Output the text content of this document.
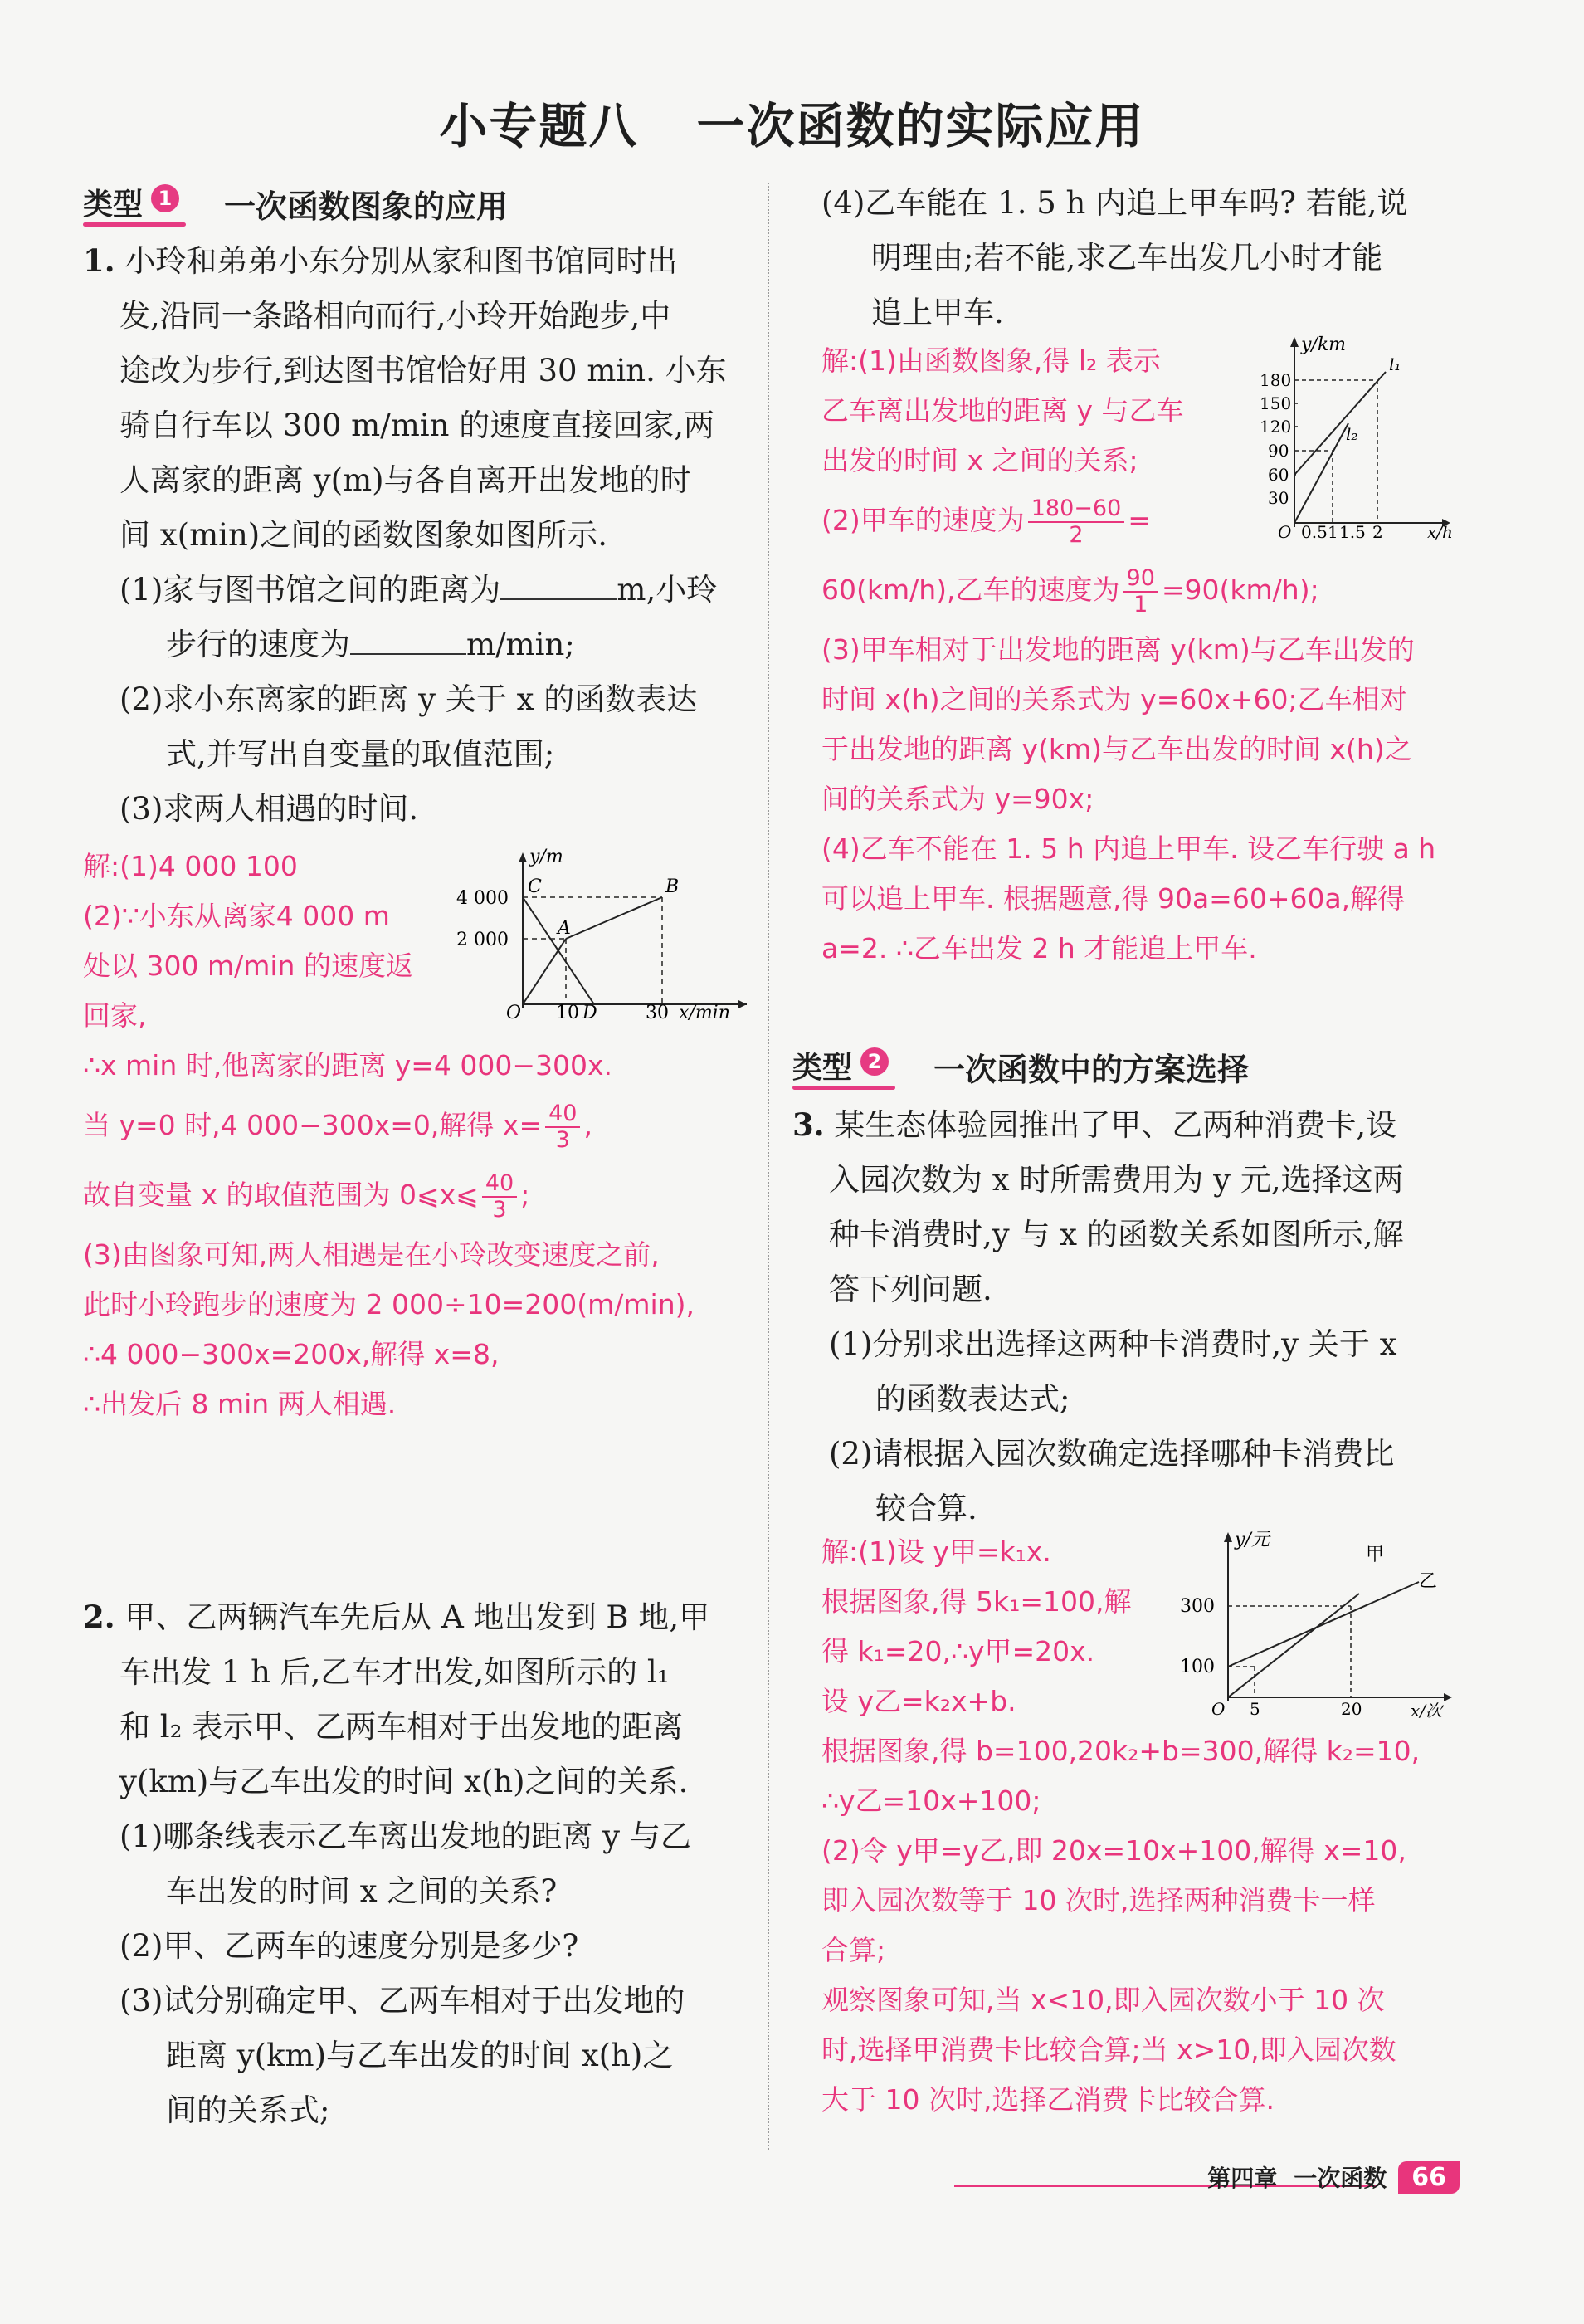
小专题八 一次函数的实际应用
类型 1 一次函数图象的应用
1. 小玲和弟弟小东分别从家和图书馆同时出
发,沿同一条路相向而行,小玲开始跑步,中
途改为步行,到达图书馆恰好用 30 min. 小东
骑自行车以 300 m/min 的速度直接回家,两
人离家的距离 y(m)与各自离开出发地的时
间 x(min)之间的函数图象如图所示.
(1)家与图书馆之间的距离为	m,小玲
步行的速度为	m/min;
(2)求小东离家的距离 y 关于 x 的函数表达
式,并写出自变量的取值范围;
(3)求两人相遇的时间.
解:(1)4 000 100
(2)∵小东从离家4 000 m
处以 300 m/min 的速度返
回家,
∴x min 时,他离家的距离 y=4 000−300x.
当 y=0 时,4 000−300x=0,解得 $x= \frac{40}{3}$ ,
故自变量 x 的取值范围为 0⩽x⩽ $\frac{40}{3}$ ;
(3)由图象可知,两人相遇是在小玲改变速度之前,
此时小玲跑步的速度为 2 000÷10=200(m/min),
∴4 000−300x=200x,解得 x=8,
∴出发后 8 min 两人相遇.
y/m
x/min
O
4 000
2 000
10	30
C
A
B
D
2. 甲、乙两辆汽车先后从 A 地出发到 B 地,甲
车出发 1 h 后,乙车才出发,如图所示的 l₁
和 l₂ 表示甲、乙两车相对于出发地的距离
y(km)与乙车出发的时间 x(h)之间的关系.
(1)哪条线表示乙车离出发地的距离 y 与乙
车出发的时间 x 之间的关系?
(2)甲、乙两车的速度分别是多少?
(3)试分别确定甲、乙两车相对于出发地的
距离 y(km)与乙车出发的时间 x(h)之
间的关系式;
(4)乙车能在 1. 5 h 内追上甲车吗? 若能,说
明理由;若不能,求乙车出发几小时才能
追上甲车.
解:(1)由函数图象,得 l₂ 表示
乙车离出发地的距离 y 与乙车
出发的时间 x 之间的关系;
(2)甲车的速度为 $\frac{180-60}{2}$ =
60(km/h),乙车的速度为 $\frac{90}{1} =90(km/h)$;
(3)甲车相对于出发地的距离 y(km)与乙车出发的
时间 x(h)之间的关系式为 y=60x+60;乙车相对
于出发地的距离 y(km)与乙车出发的时间 x(h)之
间的关系式为 y=90x;
(4)乙车不能在 1. 5 h 内追上甲车. 设乙车行驶 a h
可以追上甲车. 根据题意,得 90a=60+60a,解得
a=2. ∴乙车出发 2 h 才能追上甲车.
y/km
x/h
O
180
150
120
90
60
30
0.5 1 1.5 2
l₁
l₂
类型 2 一次函数中的方案选择
3. 某生态体验园推出了甲、乙两种消费卡,设
入园次数为 x 时所需费用为 y 元,选择这两
种卡消费时,y 与 x 的函数关系如图所示,解
答下列问题.
(1)分别求出选择这两种卡消费时,y 关于 x
的函数表达式;
(2)请根据入园次数确定选择哪种卡消费比
较合算.
解:(1)设 y甲=k₁x.
根据图象,得 5k₁=100,解
得 k₁=20,∴y甲=20x.
设 y乙=k₂x+b.
根据图象,得 b=100,20k₂+b=300,解得 k₂=10,
∴y乙=10x+100;
(2)令 y甲=y乙,即 20x=10x+100,解得 x=10,
即入园次数等于 10 次时,选择两种消费卡一样
合算;
观察图象可知,当 x<10,即入园次数小于 10 次
时,选择甲消费卡比较合算;当 x>10,即入园次数
大于 10 次时,选择乙消费卡比较合算.
y/元
x/次
O
300
100
5	20
甲
乙
第四章 一次函数	66
